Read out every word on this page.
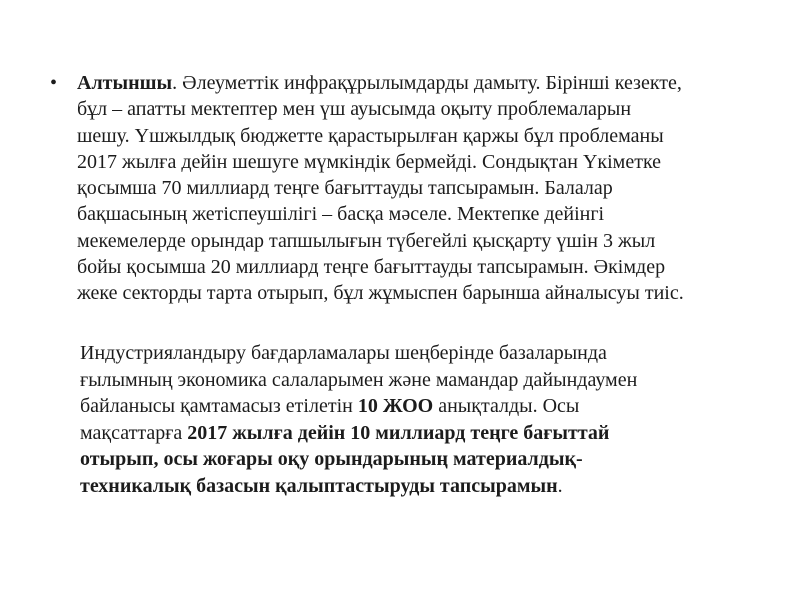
• Алтыншы. Әлеуметтік инфрақұрылымдарды дамыту. Бірінші кезекте,
бұл – апатты мектептер мен үш ауысымда оқыту проблемаларын
шешу. Үшжылдық бюджетте қарастырылған қаржы бұл проблеманы
2017 жылға дейін шешуге мүмкіндік бермейді. Сондықтан Үкіметке
қосымша 70 миллиард теңге бағыттауды тапсырамын. Балалар
бақшасының жетіспеушілігі – басқа мәселе. Мектепке дейінгі
мекемелерде орындар тапшылығын түбегейлі қысқарту үшін 3 жыл
бойы қосымша 20 миллиард теңге бағыттауды тапсырамын. Әкімдер
жеке секторды тарта отырып, бұл жұмыспен барынша айналысуы тиіс.
Индустрияландыру бағдарламалары шеңберінде базаларында
ғылымның экономика салаларымен және мамандар дайындаумен
байланысы қамтамасыз етілетін 10 ЖОО анықталды. Осы
мақсаттарға 2017 жылға дейін 10 миллиард теңге бағыттай
отырып, осы жоғары оқу орындарының материалдық-
техникалық базасын қалыптастыруды тапсырамын.
